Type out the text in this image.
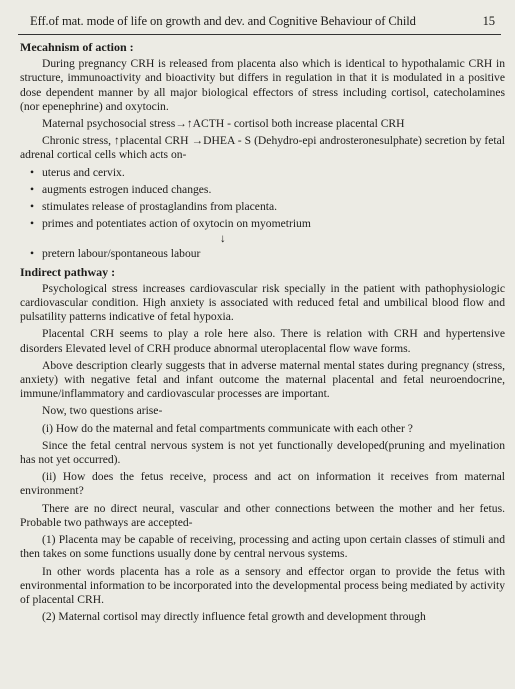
Eff.of mat. mode of life on growth and dev. and Cognitive Behaviour of Child	15
Mecahnism of action :

During pregnancy CRH is released from placenta also which is identical to hypothalamic CRH in structure, immunoactivity and bioactivity but differs in regulation in that it is modulated in a positive dose dependent manner by all major biological effectors of stress including cortisol, catecholamines (nor epenephrine) and oxytocin.

Maternal psychosocial stress→↑ACTH - cortisol both increase placental CRH

Chronic stress, ↑placental CRH →DHEA - S (Dehydro-epi androsteronesulphate) secretion by fetal adrenal cortical cells which acts on-

• uterus and cervix.

• augments estrogen induced changes.

• stimulates release of prostaglandins from placenta.

• primes and potentiates action of oxytocin on myometrium

↓

• pretern labour/spontaneous labour

Indirect pathway :

Psychological stress increases cardiovascular risk specially in the patient with pathophysiologic cardiovascular condition. High anxiety is associated with reduced fetal and umbilical blood flow and pulsatility patterns indicative of fetal hypoxia.

Placental CRH seems to play a role here also. There is relation with CRH and hypertensive disorders Elevated level of CRH produce abnormal uteroplacental flow wave forms.

Above description clearly suggests that in adverse maternal mental states during pregnancy (stress, anxiety) with negative fetal and infant outcome the maternal placental and fetal neuroendocrine, immune/inflammatory and cardiovascular processes are important.

Now, two questions arise-

(i) How do the maternal and fetal compartments communicate with each other ?

Since the fetal central nervous system is not yet functionally developed(pruning and myelination has not yet occurred).

(ii) How does the fetus receive, process and act on information it receives from maternal environment?

There are no direct neural, vascular and other connections between the mother and her fetus. Probable two pathways are accepted-

(1) Placenta may be capable of receiving, processing and acting upon certain classes of stimuli and then takes on some functions usually done by central nervous systems.

In other words placenta has a role as a sensory and effector organ to provide the fetus with environmental information to be incorporated into the developmental process being mediated by activity of placental CRH.

(2) Maternal cortisol may directly influence fetal growth and development through
